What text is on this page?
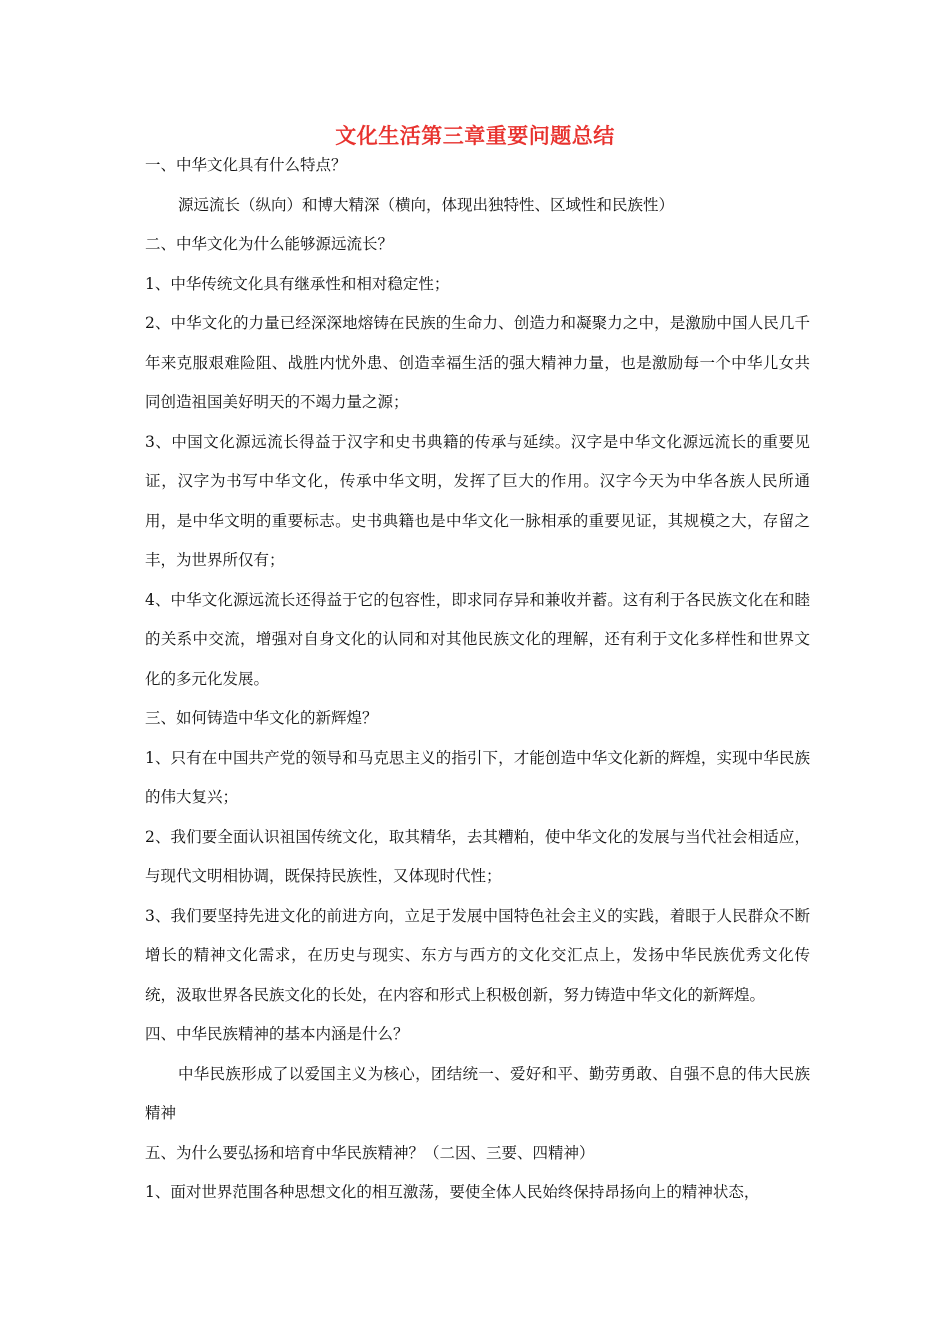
文化生活第三章重要问题总结

一、中华文化具有什么特点？

源远流长（纵向）和博大精深（横向，体现出独特性、区域性和民族性）

二、中华文化为什么能够源远流长？

1、中华传统文化具有继承性和相对稳定性；

2、中华文化的力量已经深深地熔铸在民族的生命力、创造力和凝聚力之中，是激励中国人民几千年来克服艰难险阻、战胜内忧外患、创造幸福生活的强大精神力量，也是激励每一个中华儿女共同创造祖国美好明天的不竭力量之源；

3、中国文化源远流长得益于汉字和史书典籍的传承与延续。汉字是中华文化源远流长的重要见证，汉字为书写中华文化，传承中华文明，发挥了巨大的作用。汉字今天为中华各族人民所通用，是中华文明的重要标志。史书典籍也是中华文化一脉相承的重要见证，其规模之大，存留之丰，为世界所仅有；

4、中华文化源远流长还得益于它的包容性，即求同存异和兼收并蓄。这有利于各民族文化在和睦的关系中交流，增强对自身文化的认同和对其他民族文化的理解，还有利于文化多样性和世界文化的多元化发展。

三、如何铸造中华文化的新辉煌？

1、只有在中国共产党的领导和马克思主义的指引下，才能创造中华文化新的辉煌，实现中华民族的伟大复兴；

2、我们要全面认识祖国传统文化，取其精华，去其糟粕，使中华文化的发展与当代社会相适应，与现代文明相协调，既保持民族性，又体现时代性；

3、我们要坚持先进文化的前进方向，立足于发展中国特色社会主义的实践，着眼于人民群众不断增长的精神文化需求，在历史与现实、东方与西方的文化交汇点上，发扬中华民族优秀文化传统，汲取世界各民族文化的长处，在内容和形式上积极创新，努力铸造中华文化的新辉煌。

四、中华民族精神的基本内涵是什么？

中华民族形成了以爱国主义为核心，团结统一、爱好和平、勤劳勇敢、自强不息的伟大民族精神

五、为什么要弘扬和培育中华民族精神？（二因、三要、四精神）

1、面对世界范围各种思想文化的相互激荡，要使全体人民始终保持昂扬向上的精神状态，
